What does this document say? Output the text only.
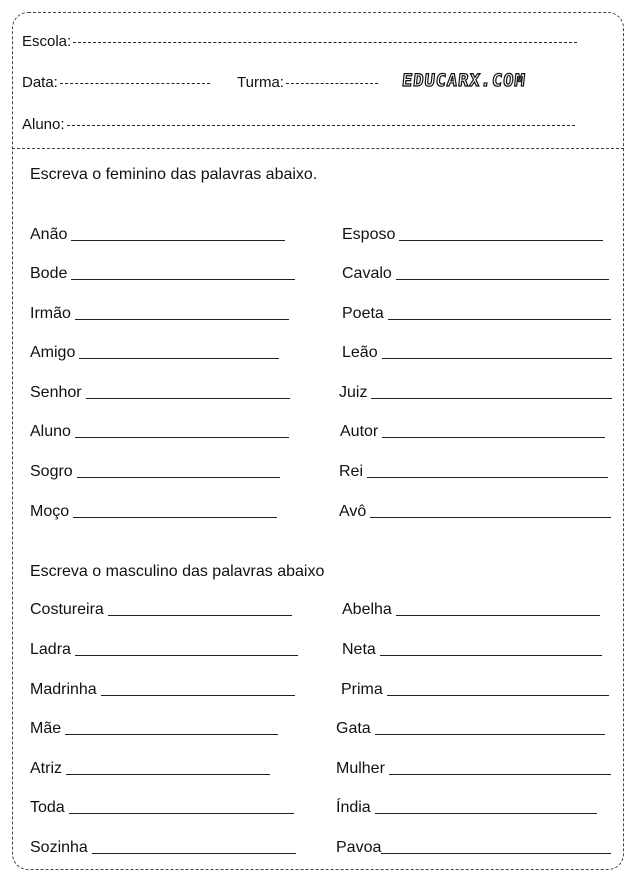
Escola:
Data:	Turma:	EDUCARX.COM
Aluno:
Escreva o feminino das palavras abaixo.
Anão
Bode
Irmão
Amigo
Senhor
Aluno
Sogro
Moço
Esposo
Cavalo
Poeta
Leão
Juiz
Autor
Rei
Avô
Escreva o masculino das palavras abaixo
Costureira
Ladra
Madrinha
Mãe
Atriz
Toda
Sozinha
Abelha
Neta
Prima
Gata
Mulher
Índia
Pavoa
